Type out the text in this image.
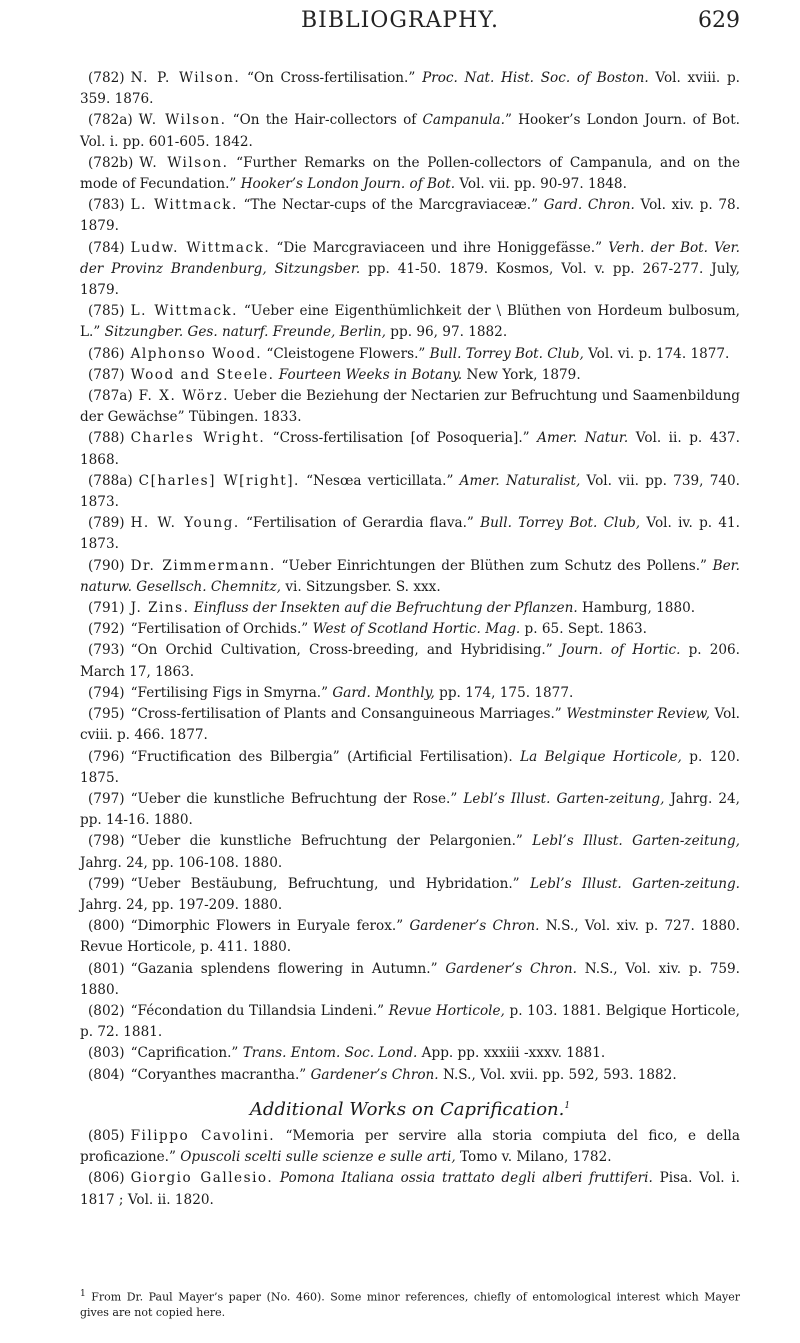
BIBLIOGRAPHY.	629

(782) N. P. Wilson. “On Cross-fertilisation.” Proc. Nat. Hist. Soc. of Boston. Vol. xviii. p. 359. 1876.

(782a) W. Wilson. “On the Hair-collectors of Campanula.” Hooker’s London Journ. of Bot. Vol. i. pp. 601-605. 1842.

(782b) W. Wilson. “Further Remarks on the Pollen-collectors of Campanula, and on the mode of Fecundation.” Hooker’s London Journ. of Bot. Vol. vii. pp. 90-97. 1848.

(783) L. Wittmack. “The Nectar-cups of the Marcgraviaceæ.” Gard. Chron. Vol. xiv. p. 78. 1879.

(784) Ludw. Wittmack. “Die Marcgraviaceen und ihre Honiggefässe.” Verh. der Bot. Ver. der Provinz Brandenburg, Sitzungsber. pp. 41-50. 1879. Kosmos, Vol. v. pp. 267-277. July, 1879.

(785) L. Wittmack. “Ueber eine Eigenthümlichkeit der \ Blüthen von Hordeum bulbosum, L.” Sitzungber. Ges. naturf. Freunde, Berlin, pp. 96, 97. 1882.

(786) Alphonso Wood. “Cleistogene Flowers.” Bull. Torrey Bot. Club, Vol. vi. p. 174. 1877.

(787) Wood and Steele. Fourteen Weeks in Botany. New York, 1879.

(787a) F. X. Wörz. Ueber die Beziehung der Nectarien zur Befruchtung und Saamenbildung der Gewächse” Tübingen. 1833.

(788) Charles Wright. “Cross-fertilisation [of Posoqueria].” Amer. Natur. Vol. ii. p. 437. 1868.

(788a) C[harles] W[right]. “Nesœa verticillata.” Amer. Naturalist, Vol. vii. pp. 739, 740. 1873.

(789) H. W. Young. “Fertilisation of Gerardia flava.” Bull. Torrey Bot. Club, Vol. iv. p. 41. 1873.

(790) Dr. Zimmermann. “Ueber Einrichtungen der Blüthen zum Schutz des Pollens.” Ber. naturw. Gesellsch. Chemnitz, vi. Sitzungsber. S. xxx.

(791) J. Zins. Einfluss der Insekten auf die Befruchtung der Pflanzen. Hamburg, 1880.

(792) “Fertilisation of Orchids.” West of Scotland Hortic. Mag. p. 65. Sept. 1863.

(793) “On Orchid Cultivation, Cross-breeding, and Hybridising.” Journ. of Hortic. p. 206. March 17, 1863.

(794) “Fertilising Figs in Smyrna.” Gard. Monthly, pp. 174, 175. 1877.

(795) “Cross-fertilisation of Plants and Consanguineous Marriages.” Westminster Review, Vol. cviii. p. 466. 1877.

(796) “Fructification des Bilbergia” (Artificial Fertilisation). La Belgique Horticole, p. 120. 1875.

(797) “Ueber die kunstliche Befruchtung der Rose.” Lebl’s Illust. Garten-zeitung, Jahrg. 24, pp. 14-16. 1880.

(798) “Ueber die kunstliche Befruchtung der Pelargonien.” Lebl’s Illust. Garten-zeitung, Jahrg. 24, pp. 106-108. 1880.

(799) “Ueber Bestäubung, Befruchtung, und Hybridation.” Lebl’s Illust. Garten-zeitung. Jahrg. 24, pp. 197-209. 1880.

(800) “Dimorphic Flowers in Euryale ferox.” Gardener’s Chron. N.S., Vol. xiv. p. 727. 1880. Revue Horticole, p. 411. 1880.

(801) “Gazania splendens flowering in Autumn.” Gardener’s Chron. N.S., Vol. xiv. p. 759. 1880.

(802) “Fécondation du Tillandsia Lindeni.” Revue Horticole, p. 103. 1881. Belgique Horticole, p. 72. 1881.

(803) “Caprification.” Trans. Entom. Soc. Lond. App. pp. xxxiii -xxxv. 1881.

(804) “Coryanthes macrantha.” Gardener’s Chron. N.S., Vol. xvii. pp. 592, 593. 1882.

Additional Works on Caprification.$^1$

(805) Filippo Cavolini. “Memoria per servire alla storia compiuta del fico, e della proficazione.” Opuscoli scelti sulle scienze e sulle arti, Tomo v. Milano, 1782.

(806) Giorgio Gallesio. Pomona Italiana ossia trattato degli alberi fruttiferi. Pisa. Vol. i. 1817 ; Vol. ii. 1820.

$^1$ From Dr. Paul Mayer’s paper (No. 460). Some minor references, chiefly of entomological interest which Mayer gives are not copied here.
